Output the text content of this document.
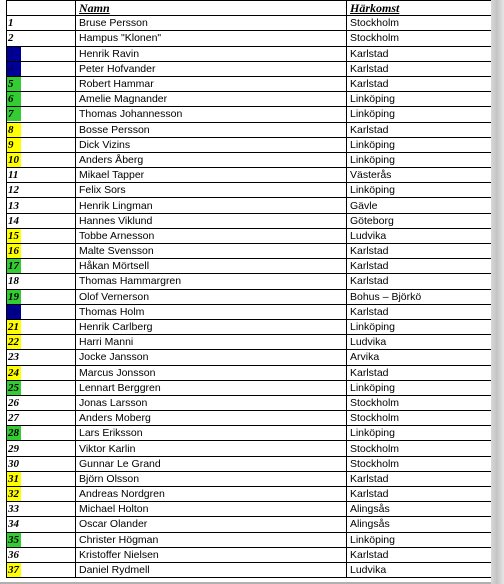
	Namn	Härkomst
1	Bruse Persson	Stockholm
2	Hampus "Klonen"	Stockholm
3	Henrik Ravin	Karlstad
4	Peter Hofvander	Karlstad
5	Robert Hammar	Karlstad
6	Amelie Magnander	Linköping
7	Thomas Johannesson	Linköping
8	Bosse Persson	Karlstad
9	Dick Vizins	Linköping
10	Anders Åberg	Linköping
11	Mikael Tapper	Västerås
12	Felix Sors	Linköping
13	Henrik Lingman	Gävle
14	Hannes Viklund	Göteborg
15	Tobbe Arnesson	Ludvika
16	Malte Svensson	Karlstad
17	Håkan Mörtsell	Karlstad
18	Thomas Hammargren	Karlstad
19	Olof Vernerson	Bohus – Björkö
20	Thomas Holm	Karlstad
21	Henrik Carlberg	Linköping
22	Harri Manni	Ludvika
23	Jocke Jansson	Arvika
24	Marcus Jonsson	Karlstad
25	Lennart Berggren	Linköping
26	Jonas Larsson	Stockholm
27	Anders Moberg	Stockholm
28	Lars Eriksson	Linköping
29	Viktor Karlin	Stockholm
30	Gunnar Le Grand	Stockholm
31	Björn Olsson	Karlstad
32	Andreas Nordgren	Karlstad
33	Michael Holton	Alingsås
34	Oscar Olander	Alingsås
35	Christer Högman	Linköping
36	Kristoffer Nielsen	Karlstad
37	Daniel Rydmell	Ludvika
